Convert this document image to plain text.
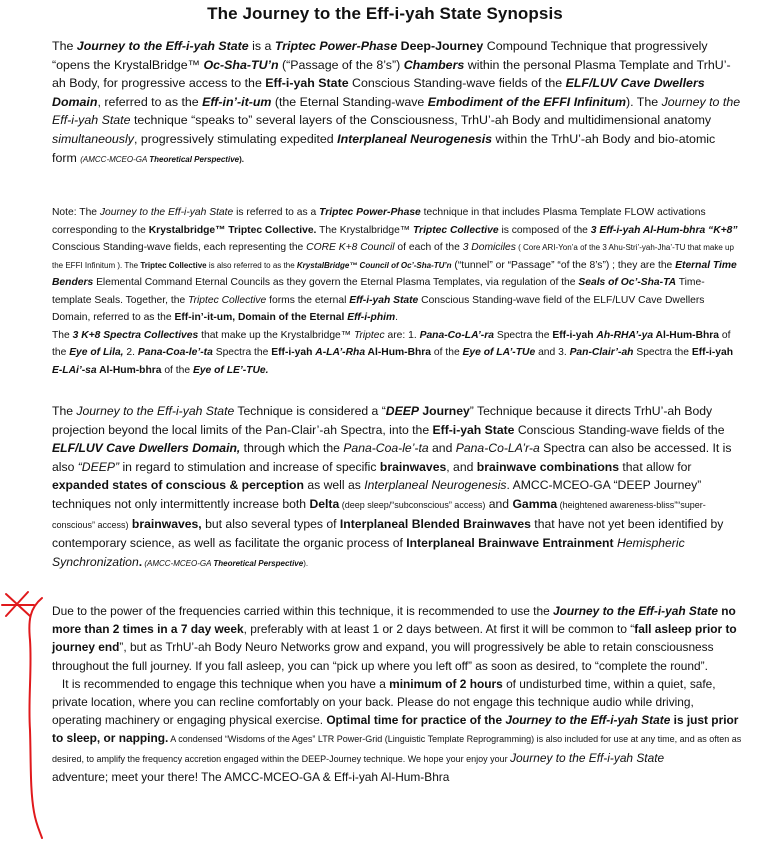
The Journey to the Eff-i-yah State Synopsis

The Journey to the Eff-i-yah State is a Triptec Power-Phase Deep-Journey Compound Technique that progressively “opens the KrystalBridge™ Oc-Sha-TU’n (“Passage of the 8’s”) Chambers within the personal Plasma Template and TrhU’-ah Body, for progressive access to the Eff-i-yah State Conscious Standing-wave fields of the ELF/LUV Cave Dwellers Domain, referred to as the Eff-in’-it-um (the Eternal Standing-wave Embodiment of the EFFI Infinitum). The Journey to the Eff-i-yah State technique “speaks to” several layers of the Consciousness, TrhU’-ah Body and multidimensional anatomy simultaneously, progressively stimulating expedited Interplaneal Neurogenesis within the TrhU’-ah Body and bio-atomic form (AMCC-MCEO-GA Theoretical Perspective).

Note: The Journey to the Eff-i-yah State is referred to as a Triptec Power-Phase technique in that includes Plasma Template FLOW activations corresponding to the Krystalbridge™ Triptec Collective. The Krystalbridge™ Triptec Collective is composed of the 3 Eff-i-yah Al-Hum-bhra “K+8” Conscious Standing-wave fields, each representing the CORE K+8 Council of each of the 3 Domiciles ( Core ARI-Yon’a of the 3 Ahu-Stri’-yah-Jha’-TU that make up the EFFI Infinitum ). The Triptec Collective is also referred to as the KrystalBridge™ Council of Oc’-Sha-TU’n (“tunnel” or “Passage” “of the 8’s”) ; they are the Eternal Time Benders Elemental Command Eternal Councils as they govern the Eternal Plasma Templates, via regulation of the Seals of Oc’-Sha-TA Time-template Seals. Together, the Triptec Collective forms the eternal Eff-i-yah State Conscious Standing-wave field of the ELF/LUV Cave Dwellers Domain, referred to as the Eff-in’-it-um, Domain of the Eternal Eff-i-phim.
The 3 K+8 Spectra Collectives that make up the Krystalbridge™ Triptec are: 1. Pana-Co-LA’-ra Spectra the Eff-i-yah Ah-RHA’-ya Al-Hum-Bhra of the Eye of Lila, 2. Pana-Coa-le’-ta Spectra the Eff-i-yah A-LA’-Rha Al-Hum-Bhra of the Eye of LA’-TUe and 3. Pan-Clair’-ah Spectra the Eff-i-yah E-LAi’-sa Al-Hum-bhra of the Eye of LE’-TUe.

The Journey to the Eff-i-yah State Technique is considered a “DEEP Journey” Technique because it directs TrhU’-ah Body projection beyond the local limits of the Pan-Clair’-ah Spectra, into the Eff-i-yah State Conscious Standing-wave fields of the ELF/LUV Cave Dwellers Domain, through which the Pana-Coa-le’-ta and Pana-Co-LA’r-a Spectra can also be accessed. It is also “DEEP” in regard to stimulation and increase of specific brainwaves, and brainwave combinations that allow for expanded states of conscious & perception as well as Interplaneal Neurogenesis. AMCC-MCEO-GA “DEEP Journey” techniques not only intermittently increase both Delta (deep sleep/“subconscious” access) and Gamma (heightened awareness-bliss”“super-conscious” access) brainwaves, but also several types of Interplaneal Blended Brainwaves that have not yet been identified by contemporary science, as well as facilitate the organic process of Interplaneal Brainwave Entrainment Hemispheric Synchronization. (AMCC-MCEO-GA Theoretical Perspective).

Due to the power of the frequencies carried within this technique, it is recommended to use the Journey to the Eff-i-yah State no more than 2 times in a 7 day week, preferably with at least 1 or 2 days between. At first it will be common to “fall asleep prior to journey end”, but as TrhU’-ah Body Neuro Networks grow and expand, you will progressively be able to retain consciousness throughout the full journey. If you fall asleep, you can “pick up where you left off” as soon as desired, to “complete the round”.
It is recommended to engage this technique when you have a minimum of 2 hours of undisturbed time, within a quiet, safe, private location, where you can recline comfortably on your back. Please do not engage this technique audio while driving, operating machinery or engaging physical exercise. Optimal time for practice of the Journey to the Eff-i-yah State is just prior to sleep, or napping. A condensed “Wisdoms of the Ages” LTR Power-Grid (Linguistic Template Reprogramming) is also included for use at any time, and as often as desired, to amplify the frequency accretion engaged within the DEEP-Journey technique. We hope your enjoy your Journey to the Eff-i-yah State
adventure; meet your there! The AMCC-MCEO-GA & Eff-i-yah Al-Hum-Bhra
